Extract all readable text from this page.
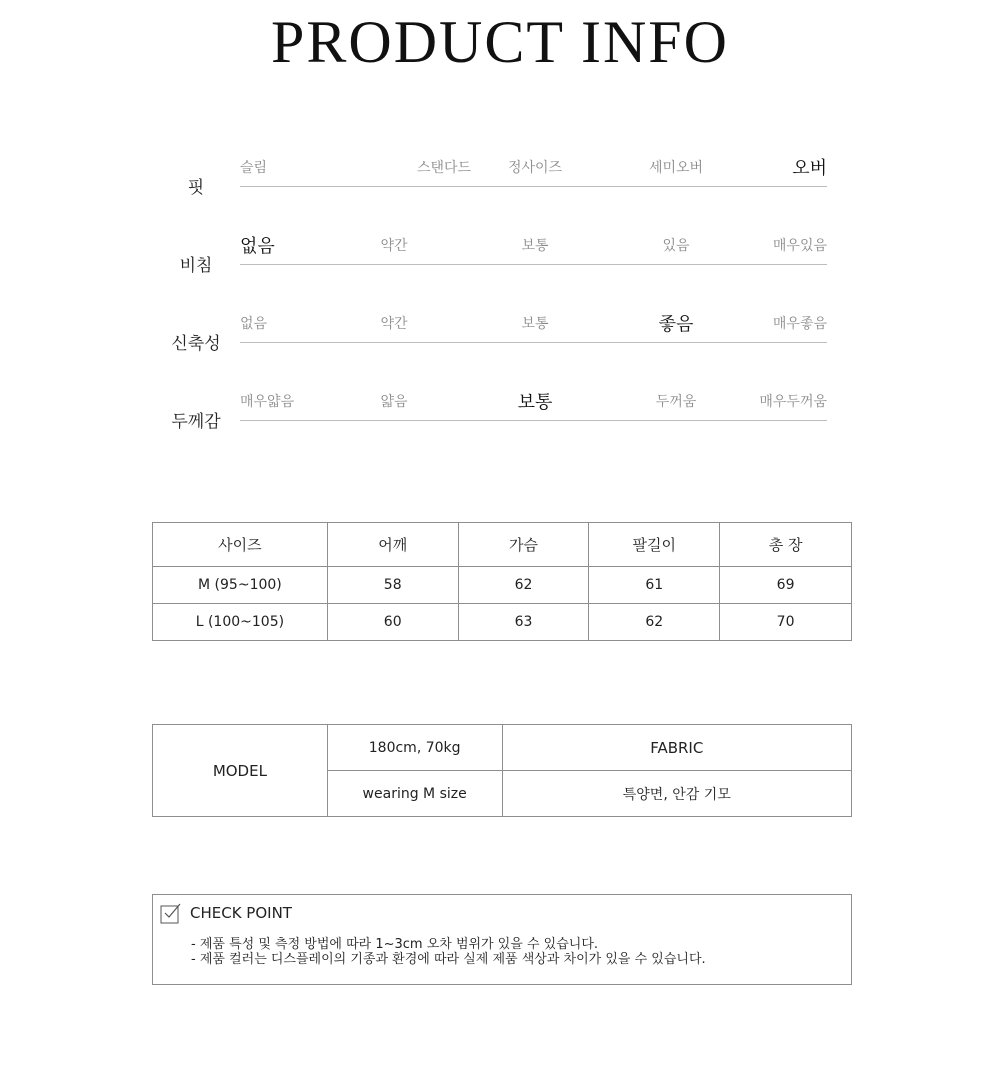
PRODUCT INFO
핏
슬림	스탠다드	정사이즈	세미오버	오버
비침
없음	약간	보통	있음	매우있음
신축성
없음	약간	보통	좋음	매우좋음
두께감
매우얇음	얇음	보통	두꺼움	매우두꺼움
사이즈	어깨	가슴	팔길이	총 장
M (95~100)	58	62	61	69
L (100~105)	60	63	62	70
MODEL	180cm, 70kg	FABRIC
	wearing M size	특양면, 안감 기모
CHECK POINT
- 제품 특성 및 측정 방법에 따라 1~3cm 오차 범위가 있을 수 있습니다.
- 제품 컬러는 디스플레이의 기종과 환경에 따라 실제 제품 색상과 차이가 있을 수 있습니다.
